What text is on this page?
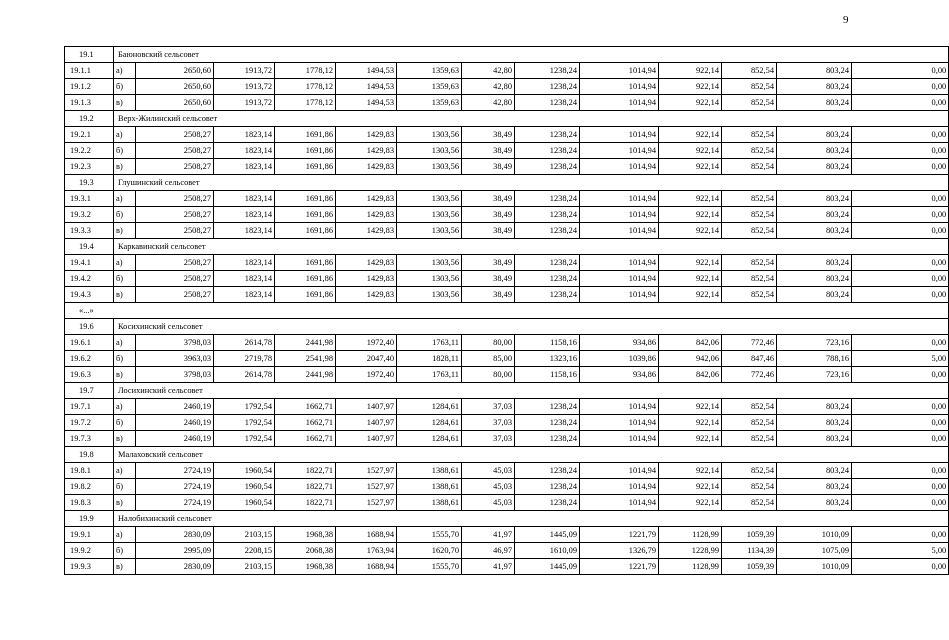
9
19.1	Баюновский сельсовет												
19.1.1	а)	2650,60	1913,72	1778,12	1494,53	1359,63	42,80	1238,24	1014,94	922,14	852,54	803,24	0,00
19.1.2	б)	2650,60	1913,72	1778,12	1494,53	1359,63	42,80	1238,24	1014,94	922,14	852,54	803,24	0,00
19.1.3	в)	2650,60	1913,72	1778,12	1494,53	1359,63	42,80	1238,24	1014,94	922,14	852,54	803,24	0,00
19.2	Верх-Жилинский сельсовет												
19.2.1	а)	2508,27	1823,14	1691,86	1429,83	1303,56	38,49	1238,24	1014,94	922,14	852,54	803,24	0,00
19.2.2	б)	2508,27	1823,14	1691,86	1429,83	1303,56	38,49	1238,24	1014,94	922,14	852,54	803,24	0,00
19.2.3	в)	2508,27	1823,14	1691,86	1429,83	1303,56	38,49	1238,24	1014,94	922,14	852,54	803,24	0,00
19.3	Глушинский сельсовет												
19.3.1	а)	2508,27	1823,14	1691,86	1429,83	1303,56	38,49	1238,24	1014,94	922,14	852,54	803,24	0,00
19.3.2	б)	2508,27	1823,14	1691,86	1429,83	1303,56	38,49	1238,24	1014,94	922,14	852,54	803,24	0,00
19.3.3	в)	2508,27	1823,14	1691,86	1429,83	1303,56	38,49	1238,24	1014,94	922,14	852,54	803,24	0,00
19.4	Каркавинский сельсовет												
19.4.1	а)	2508,27	1823,14	1691,86	1429,83	1303,56	38,49	1238,24	1014,94	922,14	852,54	803,24	0,00
19.4.2	б)	2508,27	1823,14	1691,86	1429,83	1303,56	38,49	1238,24	1014,94	922,14	852,54	803,24	0,00
19.4.3	в)	2508,27	1823,14	1691,86	1429,83	1303,56	38,49	1238,24	1014,94	922,14	852,54	803,24	0,00
«...»													
19.6	Косихинский сельсовет												
19.6.1	а)	3798,03	2614,78	2441,98	1972,40	1763,11	80,00	1158,16	934,86	842,06	772,46	723,16	0,00
19.6.2	б)	3963,03	2719,78	2541,98	2047,40	1828,11	85,00	1323,16	1039,86	942,06	847,46	788,16	5,00
19.6.3	в)	3798,03	2614,78	2441,98	1972,40	1763,11	80,00	1158,16	934,86	842,06	772,46	723,16	0,00
19.7	Лосихинский сельсовет												
19.7.1	а)	2460,19	1792,54	1662,71	1407,97	1284,61	37,03	1238,24	1014,94	922,14	852,54	803,24	0,00
19.7.2	б)	2460,19	1792,54	1662,71	1407,97	1284,61	37,03	1238,24	1014,94	922,14	852,54	803,24	0,00
19.7.3	в)	2460,19	1792,54	1662,71	1407,97	1284,61	37,03	1238,24	1014,94	922,14	852,54	803,24	0,00
19.8	Малаховский сельсовет												
19.8.1	а)	2724,19	1960,54	1822,71	1527,97	1388,61	45,03	1238,24	1014,94	922,14	852,54	803,24	0,00
19.8.2	б)	2724,19	1960,54	1822,71	1527,97	1388,61	45,03	1238,24	1014,94	922,14	852,54	803,24	0,00
19.8.3	в)	2724,19	1960,54	1822,71	1527,97	1388,61	45,03	1238,24	1014,94	922,14	852,54	803,24	0,00
19.9	Налобихинский сельсовет												
19.9.1	а)	2830,09	2103,15	1968,38	1688,94	1555,70	41,97	1445,09	1221,79	1128,99	1059,39	1010,09	0,00
19.9.2	б)	2995,09	2208,15	2068,38	1763,94	1620,70	46,97	1610,09	1326,79	1228,99	1134,39	1075,09	5,00
19.9.3	в)	2830,09	2103,15	1968,38	1688,94	1555,70	41,97	1445,09	1221,79	1128,99	1059,39	1010,09	0,00
